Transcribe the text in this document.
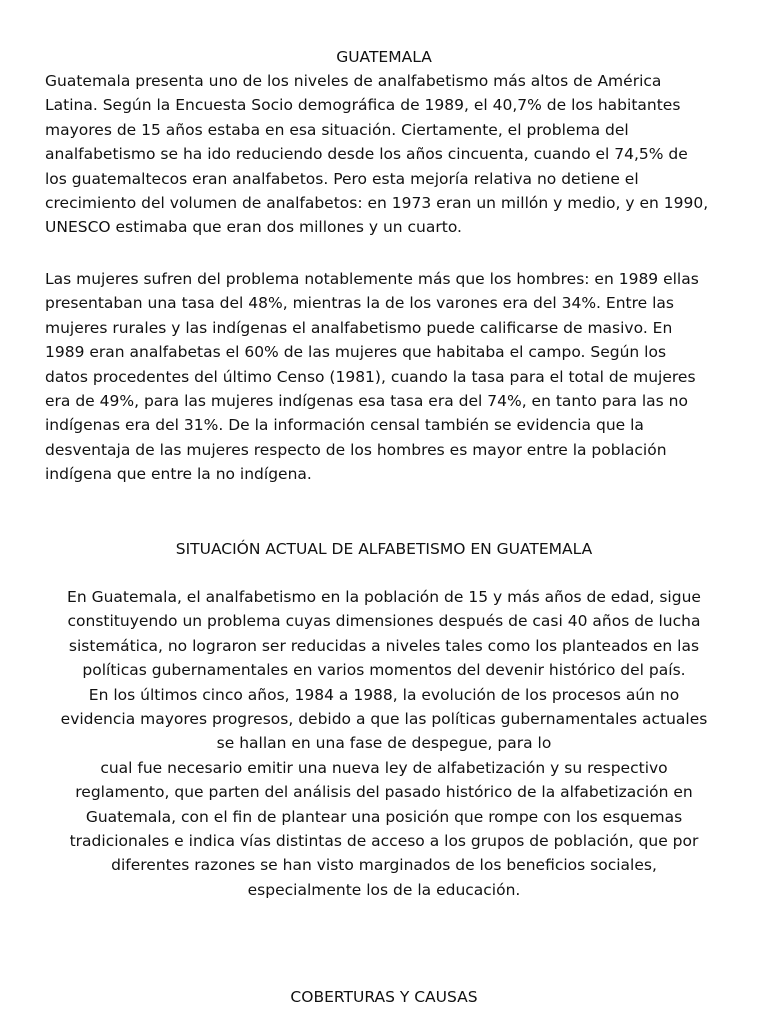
GUATEMALA
Guatemala presenta uno de los niveles de analfabetismo más altos de América
Latina. Según la Encuesta Socio demográfica de 1989, el 40,7% de los habitantes
mayores de 15 años estaba en esa situación. Ciertamente, el problema del
analfabetismo se ha ido reduciendo desde los años cincuenta, cuando el 74,5% de
los guatemaltecos eran analfabetos. Pero esta mejoría relativa no detiene el
crecimiento del volumen de analfabetos: en 1973 eran un millón y medio, y en 1990,
UNESCO estimaba que eran dos millones y un cuarto.
Las mujeres sufren del problema notablemente más que los hombres: en 1989 ellas
presentaban una tasa del 48%, mientras la de los varones era del 34%. Entre las
mujeres rurales y las indígenas el analfabetismo puede calificarse de masivo. En
1989 eran analfabetas el 60% de las mujeres que habitaba el campo. Según los
datos procedentes del último Censo (1981), cuando la tasa para el total de mujeres
era de 49%, para las mujeres indígenas esa tasa era del 74%, en tanto para las no
indígenas era del 31%. De la información censal también se evidencia que la
desventaja de las mujeres respecto de los hombres es mayor entre la población
indígena que entre la no indígena.
SITUACIÓN ACTUAL DE ALFABETISMO EN GUATEMALA
En Guatemala, el analfabetismo en la población de 15 y más años de edad, sigue
constituyendo un problema cuyas dimensiones después de casi 40 años de lucha
sistemática, no lograron ser reducidas a niveles tales como los planteados en las
políticas gubernamentales en varios momentos del devenir histórico del país.
En los últimos cinco años, 1984 a 1988, la evolución de los procesos aún no
evidencia mayores progresos, debido a que las políticas gubernamentales actuales
se hallan en una fase de despegue, para lo
cual fue necesario emitir una nueva ley de alfabetización y su respectivo
reglamento, que parten del análisis del pasado histórico de la alfabetización en
Guatemala, con el fin de plantear una posición que rompe con los esquemas
tradicionales e indica vías distintas de acceso a los grupos de población, que por
diferentes razones se han visto marginados de los beneficios sociales,
especialmente los de la educación.
COBERTURAS Y CAUSAS
